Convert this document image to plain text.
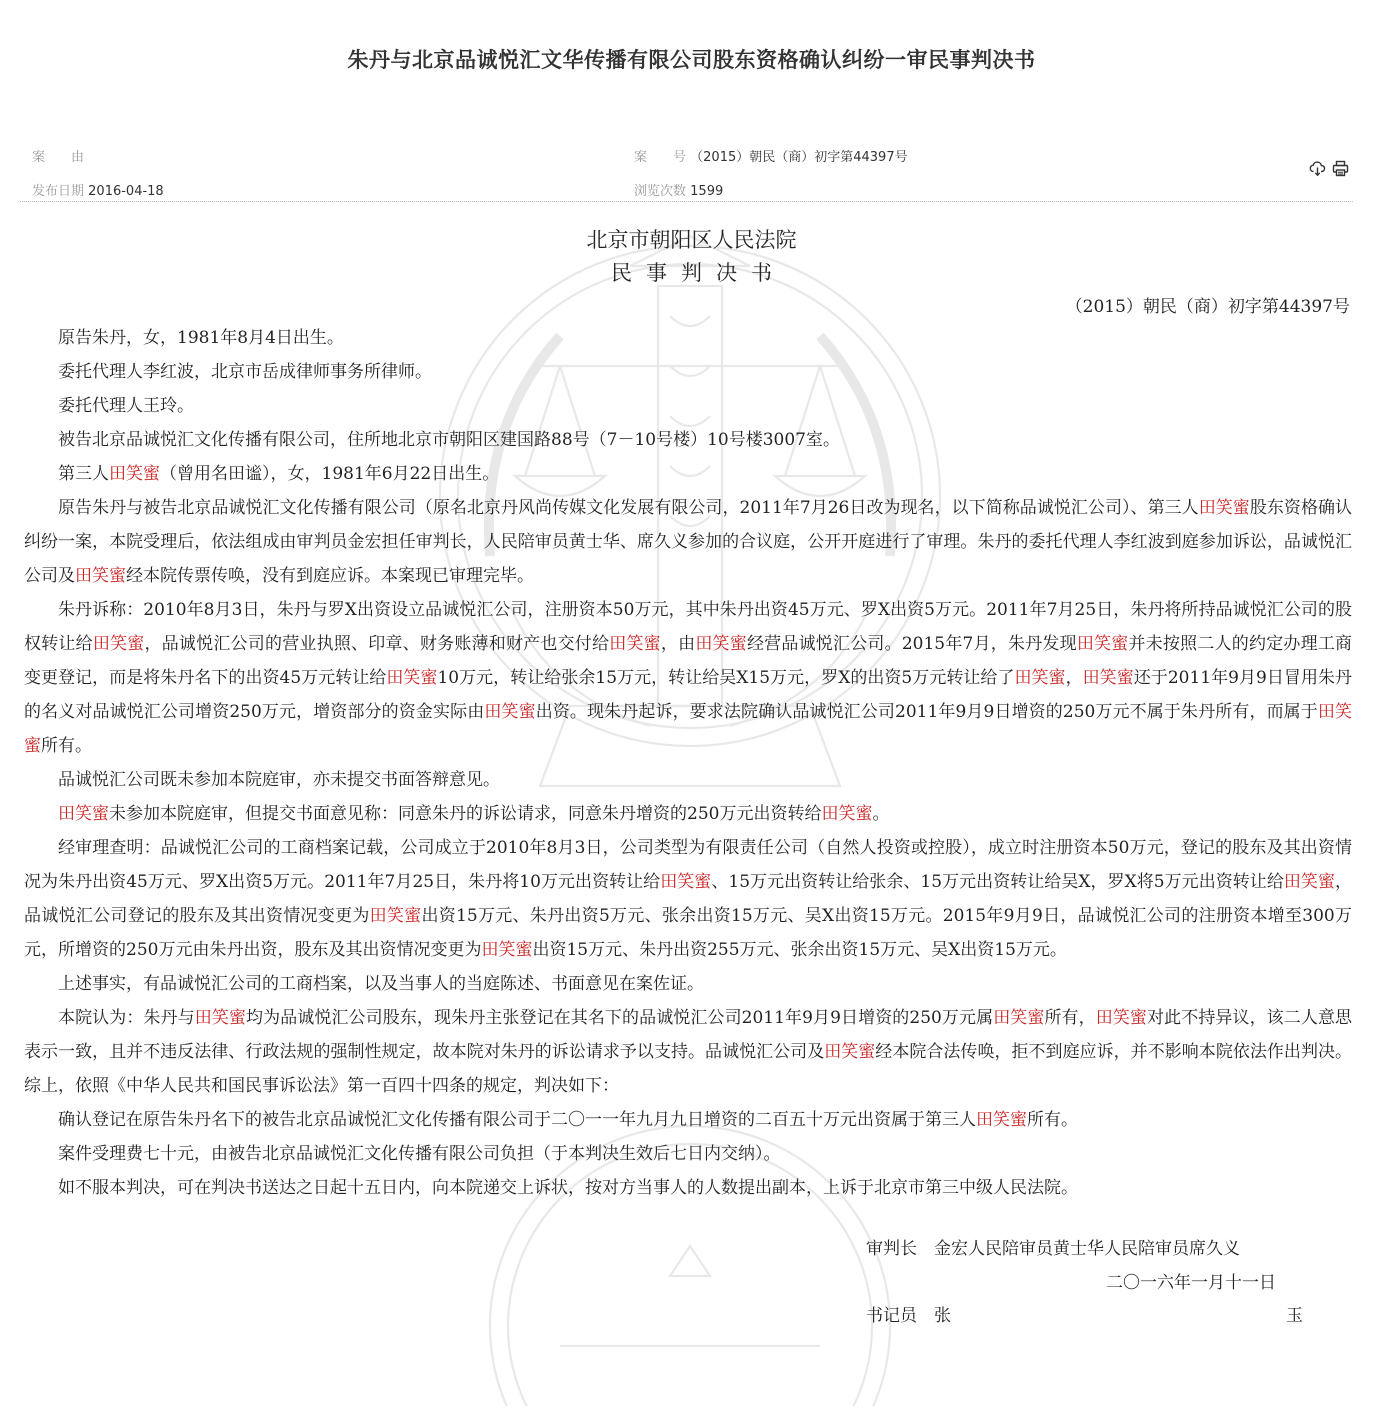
朱丹与北京品诚悦汇文华传播有限公司股东资格确认纠纷一审民事判决书
案　　由	案　　号 （2015）朝民（商）初字第44397号
发布日期 2016-04-18	浏览次数 1599
北京市朝阳区人民法院
民事判决书
（2015）朝民（商）初字第44397号

原告朱丹，女，1981年8月4日出生。

委托代理人李红波，北京市岳成律师事务所律师。

委托代理人王玲。

被告北京品诚悦汇文化传播有限公司，住所地北京市朝阳区建国路88号（7－10号楼）10号楼3007室。

第三人田笑蜜（曾用名田谧），女，1981年6月22日出生。

原告朱丹与被告北京品诚悦汇文化传播有限公司（原名北京丹风尚传媒文化发展有限公司，2011年7月26日改为现名，以下简称品诚悦汇公司）、第三人田笑蜜股东资格确认纠纷一案，本院受理后，依法组成由审判员金宏担任审判长，人民陪审员黄士华、席久义参加的合议庭，公开开庭进行了审理。朱丹的委托代理人李红波到庭参加诉讼，品诚悦汇公司及田笑蜜经本院传票传唤，没有到庭应诉。本案现已审理完毕。

朱丹诉称：2010年8月3日，朱丹与罗X出资设立品诚悦汇公司，注册资本50万元，其中朱丹出资45万元、罗X出资5万元。2011年7月25日，朱丹将所持品诚悦汇公司的股权转让给田笑蜜，品诚悦汇公司的营业执照、印章、财务账薄和财产也交付给田笑蜜，由田笑蜜经营品诚悦汇公司。2015年7月，朱丹发现田笑蜜并未按照二人的约定办理工商变更登记，而是将朱丹名下的出资45万元转让给田笑蜜10万元，转让给张余15万元，转让给吴X15万元，罗X的出资5万元转让给了田笑蜜，田笑蜜还于2011年9月9日冒用朱丹的名义对品诚悦汇公司增资250万元，增资部分的资金实际由田笑蜜出资。现朱丹起诉，要求法院确认品诚悦汇公司2011年9月9日增资的250万元不属于朱丹所有，而属于田笑蜜所有。

品诚悦汇公司既未参加本院庭审，亦未提交书面答辩意见。

田笑蜜未参加本院庭审，但提交书面意见称：同意朱丹的诉讼请求，同意朱丹增资的250万元出资转给田笑蜜。

经审理查明：品诚悦汇公司的工商档案记载，公司成立于2010年8月3日，公司类型为有限责任公司（自然人投资或控股），成立时注册资本50万元，登记的股东及其出资情况为朱丹出资45万元、罗X出资5万元。2011年7月25日，朱丹将10万元出资转让给田笑蜜、15万元出资转让给张余、15万元出资转让给吴X，罗X将5万元出资转让给田笑蜜，品诚悦汇公司登记的股东及其出资情况变更为田笑蜜出资15万元、朱丹出资5万元、张余出资15万元、吴X出资15万元。2015年9月9日，品诚悦汇公司的注册资本增至300万元，所增资的250万元由朱丹出资，股东及其出资情况变更为田笑蜜出资15万元、朱丹出资255万元、张余出资15万元、吴X出资15万元。

上述事实，有品诚悦汇公司的工商档案，以及当事人的当庭陈述、书面意见在案佐证。

本院认为：朱丹与田笑蜜均为品诚悦汇公司股东，现朱丹主张登记在其名下的品诚悦汇公司2011年9月9日增资的250万元属田笑蜜所有，田笑蜜对此不持异议，该二人意思表示一致，且并不违反法律、行政法规的强制性规定，故本院对朱丹的诉讼请求予以支持。品诚悦汇公司及田笑蜜经本院合法传唤，拒不到庭应诉，并不影响本院依法作出判决。综上，依照《中华人民共和国民事诉讼法》第一百四十四条的规定，判决如下：

确认登记在原告朱丹名下的被告北京品诚悦汇文化传播有限公司于二〇一一年九月九日增资的二百五十万元出资属于第三人田笑蜜所有。

案件受理费七十元，由被告北京品诚悦汇文化传播有限公司负担（于本判决生效后七日内交纳）。

如不服本判决，可在判决书送达之日起十五日内，向本院递交上诉状，按对方当事人的人数提出副本，上诉于北京市第三中级人民法院。

审判长　金宏人民陪审员黄士华人民陪审员席久义
二〇一六年一月十一日
书记员　张	玉
